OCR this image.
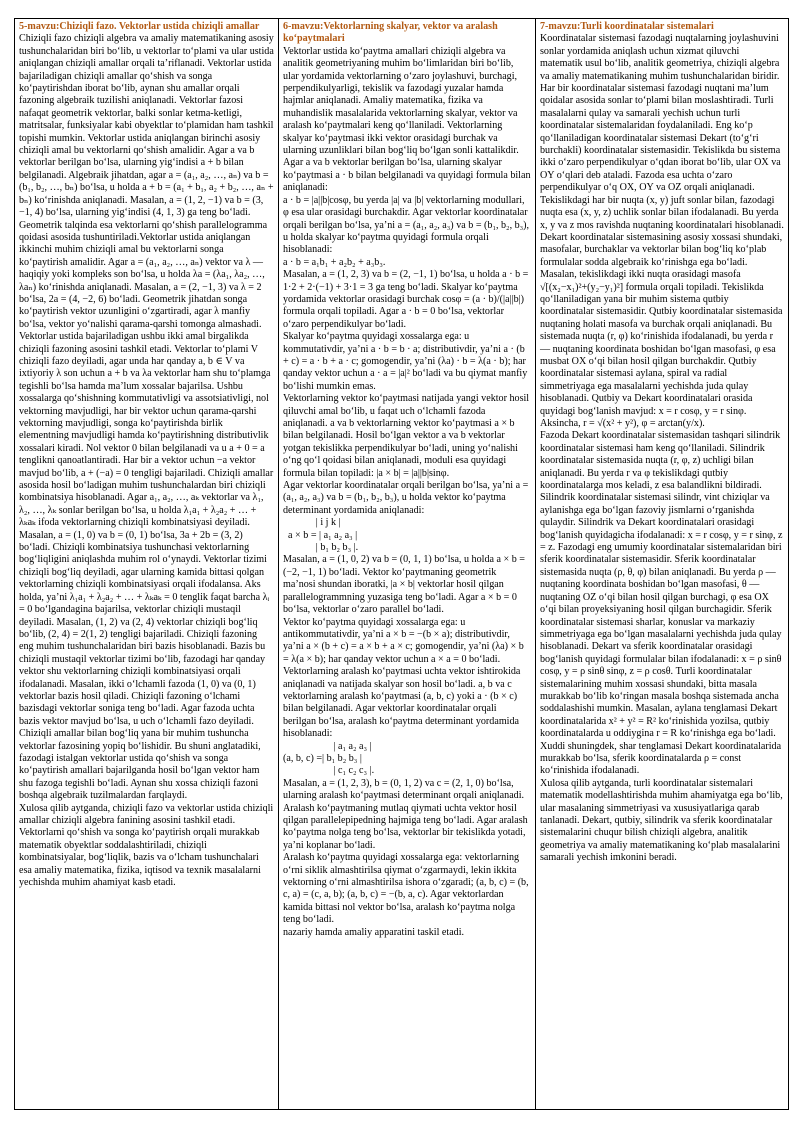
5-mavzu:Chiziqli fazo. Vektorlar ustida chiziqli amallar

Chiziqli fazo chiziqli algebra va amaliy matematikaning asosiy tushunchalaridan biri boʻlib, u vektorlar toʻplami va ular ustida aniqlangan chiziqli amallar orqali taʼriflanadi. Vektorlar ustida bajariladigan chiziqli amallar qoʻshish va songa koʻpaytirishdan iborat boʻlib, aynan shu amallar orqali fazoning algebraik tuzilishi aniqlanadi. Vektorlar fazosi nafaqat geometrik vektorlar, balki sonlar ketma-ketligi, matritsalar, funksiyalar kabi obyektlar toʻplamidan ham tashkil topishi mumkin. Vektorlar ustida aniqlangan birinchi asosiy chiziqli amal bu vektorlarni qoʻshish amalidir. Agar a va b vektorlar berilgan boʻlsa, ularning yigʻindisi a + b bilan belgilanadi. Algebraik jihatdan, agar a = (a₁, a₂, …, aₙ) va b = (b₁, b₂, …, bₙ) boʻlsa, u holda a + b = (a₁ + b₁, a₂ + b₂, …, aₙ + bₙ) koʻrinishda aniqlanadi. Masalan, a = (1, 2, −1) va b = (3, −1, 4) boʻlsa, ularning yigʻindisi (4, 1, 3) ga teng boʻladi. Geometrik talqinda esa vektorlarni qoʻshish parallelogramma qoidasi asosida tushuntiriladi.Vektorlar ustida aniqlangan ikkinchi muhim chiziqli amal bu vektorlarni songa koʻpaytirish amalidir. Agar a = (a₁, a₂, …, aₙ) vektor va λ — haqiqiy yoki kompleks son boʻlsa, u holda λa = (λa₁, λa₂, …, λaₙ) koʻrinishda aniqlanadi. Masalan, a = (2, −1, 3) va λ = 2 boʻlsa, 2a = (4, −2, 6) boʻladi. Geometrik jihatdan songa koʻpaytirish vektor uzunligini oʻzgartiradi, agar λ manfiy boʻlsa, vektor yoʻnalishi qarama-qarshi tomonga almashadi. Vektorlar ustida bajariladigan ushbu ikki amal birgalikda chiziqli fazoning asosini tashkil etadi. Vektorlar toʻplami V chiziqli fazo deyiladi, agar unda har qanday a, b ∈ V va ixtiyoriy λ son uchun a + b va λa vektorlar ham shu toʻplamga tegishli boʻlsa hamda maʼlum xossalar bajarilsa. Ushbu xossalarga qoʻshishning kommutativligi va assotsiativligi, nol vektorning mavjudligi, har bir vektor uchun qarama-qarshi vektorning mavjudligi, songa koʻpaytirishda birlik elementning mavjudligi hamda koʻpaytirishning distributivlik xossalari kiradi. Nol vektor 0 bilan belgilanadi va u a + 0 = a tenglikni qanoatlantiradi. Har bir a vektor uchun −a vektor mavjud boʻlib, a + (−a) = 0 tengligi bajariladi. Chiziqli amallar asosida hosil boʻladigan muhim tushunchalardan biri chiziqli kombinatsiya hisoblanadi. Agar a₁, a₂, …, aₖ vektorlar va λ₁, λ₂, …, λₖ sonlar berilgan boʻlsa, u holda λ₁a₁ + λ₂a₂ + … + λₖaₖ ifoda vektorlarning chiziqli kombinatsiyasi deyiladi. Masalan, a = (1, 0) va b = (0, 1) boʻlsa, 3a + 2b = (3, 2) boʻladi. Chiziqli kombinatsiya tushunchasi vektorlarning bogʻliqligini aniqlashda muhim rol oʻynaydi. Vektorlar tizimi chiziqli bogʻliq deyiladi, agar ularning kamida bittasi qolgan vektorlarning chiziqli kombinatsiyasi orqali ifodalansa. Aks holda, yaʼni λ₁a₁ + λ₂a₂ + … + λₖaₖ = 0 tenglik faqat barcha λᵢ = 0 boʻlgandagina bajarilsa, vektorlar chiziqli mustaqil deyiladi. Masalan, (1, 2) va (2, 4) vektorlar chiziqli bogʻliq boʻlib, (2, 4) = 2(1, 2) tengligi bajariladi. Chiziqli fazoning eng muhim tushunchalaridan biri bazis hisoblanadi. Bazis bu chiziqli mustaqil vektorlar tizimi boʻlib, fazodagi har qanday vektor shu vektorlarning chiziqli kombinatsiyasi orqali ifodalanadi. Masalan, ikki oʻlchamli fazoda (1, 0) va (0, 1) vektorlar bazis hosil qiladi. Chiziqli fazoning oʻlchami bazisdagi vektorlar soniga teng boʻladi. Agar fazoda uchta bazis vektor mavjud boʻlsa, u uch oʻlchamli fazo deyiladi.
Chiziqli amallar bilan bogʻliq yana bir muhim tushuncha vektorlar fazosining yopiq boʻlishidir. Bu shuni anglatadiki, fazodagi istalgan vektorlar ustida qoʻshish va songa koʻpaytirish amallari bajarilganda hosil boʻlgan vektor ham shu fazoga tegishli boʻladi. Aynan shu xossa chiziqli fazoni boshqa algebraik tuzilmalardan farqlaydi.
Xulosa qilib aytganda, chiziqli fazo va vektorlar ustida chiziqli amallar chiziqli algebra fanining asosini tashkil etadi. Vektorlarni qoʻshish va songa koʻpaytirish orqali murakkab matematik obyektlar soddalashtiriladi, chiziqli kombinatsiyalar, bogʻliqlik, bazis va oʻlcham tushunchalari esa amaliy matematika, fizika, iqtisod va texnik masalalarni yechishda muhim ahamiyat kasb etadi.

6-mavzu:Vektorlarning skalyar, vektor va aralash koʻpaytmalari

Vektorlar ustida koʻpaytma amallari chiziqli algebra va analitik geometriyaning muhim boʻlimlaridan biri boʻlib, ular yordamida vektorlarning oʻzaro joylashuvi, burchagi, perpendikulyarligi, tekislik va fazodagi yuzalar hamda hajmlar aniqlanadi. Amaliy matematika, fizika va muhandislik masalalarida vektorlarning skalyar, vektor va aralash koʻpaytmalari keng qoʻllaniladi. Vektorlarning skalyar koʻpaytmasi ikki vektor orasidagi burchak va ularning uzunliklari bilan bogʻliq boʻlgan sonli kattalikdir. Agar a va b vektorlar berilgan boʻlsa, ularning skalyar koʻpaytmasi a · b bilan belgilanadi va quyidagi formula bilan aniqlanadi:
a · b = |a||b|cosφ, bu yerda |a| va |b| vektorlarning modullari, φ esa ular orasidagi burchakdir. Agar vektorlar koordinatalar orqali berilgan boʻlsa, yaʼni a = (a₁, a₂, a₃) va b = (b₁, b₂, b₃), u holda skalyar koʻpaytma quyidagi formula orqali hisoblanadi:
a · b = a₁b₁ + a₂b₂ + a₃b₃.
Masalan, a = (1, 2, 3) va b = (2, −1, 1) boʻlsa, u holda a · b = 1·2 + 2·(−1) + 3·1 = 3 ga teng boʻladi. Skalyar koʻpaytma yordamida vektorlar orasidagi burchak cosφ = (a · b)/(|a||b|) formula orqali topiladi. Agar a · b = 0 boʻlsa, vektorlar oʻzaro perpendikulyar boʻladi.
Skalyar koʻpaytma quyidagi xossalarga ega: u kommutativdir, yaʼni a · b = b · a; distributivdir, yaʼni a · (b + c) = a · b + a · c; gomogendir, yaʼni (λa) · b = λ(a · b); har qanday vektor uchun a · a = |a|² boʻladi va bu qiymat manfiy boʻlishi mumkin emas.
Vektorlarning vektor koʻpaytmasi natijada yangi vektor hosil qiluvchi amal boʻlib, u faqat uch oʻlchamli fazoda aniqlanadi. a va b vektorlarning vektor koʻpaytmasi a × b bilan belgilanadi. Hosil boʻlgan vektor a va b vektorlar yotgan tekislikka perpendikulyar boʻladi, uning yoʻnalishi oʻng qoʻl qoidasi bilan aniqlanadi, moduli esa quyidagi formula bilan topiladi: |a × b| = |a||b|sinφ.
Agar vektorlar koordinatalar orqali berilgan boʻlsa, yaʼni a = (a₁, a₂, a₃) va b = (b₁, b₂, b₃), u holda vektor koʻpaytma determinant yordamida aniqlanadi:

| i j k |

a × b = | a₁ a₂ a₃ |

| b₁ b₂ b₃ |.

Masalan, a = (1, 0, 2) va b = (0, 1, 1) boʻlsa, u holda a × b = (−2, −1, 1) boʻladi. Vektor koʻpaytmaning geometrik maʼnosi shundan iboratki, |a × b| vektorlar hosil qilgan parallelogrammning yuzasiga teng boʻladi. Agar a × b = 0 boʻlsa, vektorlar oʻzaro parallel boʻladi.
Vektor koʻpaytma quyidagi xossalarga ega: u antikommutativdir, yaʼni a × b = −(b × a); distributivdir, yaʼni a × (b + c) = a × b + a × c; gomogendir, yaʼni (λa) × b = λ(a × b); har qanday vektor uchun a × a = 0 boʻladi. Vektorlarning aralash koʻpaytmasi uchta vektor ishtirokida aniqlanadi va natijada skalyar son hosil boʻladi. a, b va c vektorlarning aralash koʻpaytmasi (a, b, c) yoki a · (b × c) bilan belgilanadi. Agar vektorlar koordinatalar orqali berilgan boʻlsa, aralash koʻpaytma determinant yordamida hisoblanadi:

| a₁ a₂ a₃ |

(a, b, c) =| b₁ b₂ b₃ |

| c₁ c₂ c₃ |.

Masalan, a = (1, 2, 3), b = (0, 1, 2) va c = (2, 1, 0) boʻlsa, ularning aralash koʻpaytmasi determinant orqali aniqlanadi. Aralash koʻpaytmaning mutlaq qiymati uchta vektor hosil qilgan parallelepipedning hajmiga teng boʻladi. Agar aralash koʻpaytma nolga teng boʻlsa, vektorlar bir tekislikda yotadi, yaʼni koplanar boʻladi.
Aralash koʻpaytma quyidagi xossalarga ega: vektorlarning oʻrni siklik almashtirilsa qiymat oʻzgarmaydi, lekin ikkita vektorning oʻrni almashtirilsa ishora oʻzgaradi; (a, b, c) = (b, c, a) = (c, a, b); (a, b, c) = −(b, a, c). Agar vektorlardan kamida bittasi nol vektor boʻlsa, aralash koʻpaytma nolga teng boʻladi.
nazariy hamda amaliy apparatini taskil etadi.

7-mavzu:Turli koordinatalar sistemalari

Koordinatalar sistemasi fazodagi nuqtalarning joylashuvini sonlar yordamida aniqlash uchun xizmat qiluvchi matematik usul boʻlib, analitik geometriya, chiziqli algebra va amaliy matematikaning muhim tushunchalaridan biridir. Har bir koordinatalar sistemasi fazodagi nuqtani maʼlum qoidalar asosida sonlar toʻplami bilan moslashtiradi. Turli masalalarni qulay va samarali yechish uchun turli koordinatalar sistemalaridan foydalaniladi. Eng koʻp qoʻllaniladigan koordinatalar sistemasi Dekart (toʻgʻri burchakli) koordinatalar sistemasidir. Tekislikda bu sistema ikki oʻzaro perpendikulyar oʻqdan iborat boʻlib, ular OX va OY oʻqlari deb ataladi. Fazoda esa uchta oʻzaro perpendikulyar oʻq OX, OY va OZ orqali aniqlanadi. Tekislikdagi har bir nuqta (x, y) juft sonlar bilan, fazodagi nuqta esa (x, y, z) uchlik sonlar bilan ifodalanadi. Bu yerda x, y va z mos ravishda nuqtaning koordinatalari hisoblanadi. Dekart koordinatalar sistemasining asosiy xossasi shundaki, masofalar, burchaklar va vektorlar bilan bogʻliq koʻplab formulalar sodda algebraik koʻrinishga ega boʻladi. Masalan, tekislikdagi ikki nuqta orasidagi masofa √[(x₂−x₁)²+(y₂−y₁)²] formula orqali topiladi. Tekislikda qoʻllaniladigan yana bir muhim sistema qutbiy koordinatalar sistemasidir. Qutbiy koordinatalar sistemasida nuqtaning holati masofa va burchak orqali aniqlanadi. Bu sistemada nuqta (r, φ) koʻrinishida ifodalanadi, bu yerda r — nuqtaning koordinata boshidan boʻlgan masofasi, φ esa musbat OX oʻqi bilan hosil qilgan burchakdir. Qutbiy koordinatalar sistemasi aylana, spiral va radial simmetriyaga ega masalalarni yechishda juda qulay hisoblanadi. Qutbiy va Dekart koordinatalari orasida quyidagi bogʻlanish mavjud: x = r cosφ, y = r sinφ. Aksincha, r = √(x² + y²), φ = arctan(y/x).
Fazoda Dekart koordinatalar sistemasidan tashqari silindrik koordinatalar sistemasi ham keng qoʻllaniladi. Silindrik koordinatalar sistemasida nuqta (r, φ, z) uchligi bilan aniqlanadi. Bu yerda r va φ tekislikdagi qutbiy koordinatalarga mos keladi, z esa balandlikni bildiradi. Silindrik koordinatalar sistemasi silindr, vint chiziqlar va aylanishga ega boʻlgan fazoviy jismlarni oʻrganishda qulaydir. Silindrik va Dekart koordinatalari orasidagi bogʻlanish quyidagicha ifodalanadi: x = r cosφ, y = r sinφ, z = z. Fazodagi eng umumiy koordinatalar sistemalaridan biri sferik koordinatalar sistemasidir. Sferik koordinatalar sistemasida nuqta (ρ, θ, φ) bilan aniqlanadi. Bu yerda ρ — nuqtaning koordinata boshidan boʻlgan masofasi, θ — nuqtaning OZ oʻqi bilan hosil qilgan burchagi, φ esa OX oʻqi bilan proyeksiyaning hosil qilgan burchagidir. Sferik koordinatalar sistemasi sharlar, konuslar va markaziy simmetriyaga ega boʻlgan masalalarni yechishda juda qulay hisoblanadi. Dekart va sferik koordinatalar orasidagi bogʻlanish quyidagi formulalar bilan ifodalanadi: x = ρ sinθ cosφ, y = ρ sinθ sinφ, z = ρ cosθ. Turli koordinatalar sistemalarining muhim xossasi shundaki, bitta masala murakkab boʻlib koʻringan masala boshqa sistemada ancha soddalashishi mumkin. Masalan, aylana tenglamasi Dekart koordinatalarida x² + y² = R² koʻrinishida yozilsa, qutbiy koordinatalarda u oddiygina r = R koʻrinishga ega boʻladi. Xuddi shuningdek, shar tenglamasi Dekart koordinatalarida murakkab boʻlsa, sferik koordinatalarda ρ = const koʻrinishida ifodalanadi.
Xulosa qilib aytganda, turli koordinatalar sistemalari matematik modellashtirishda muhim ahamiyatga ega boʻlib, ular masalaning simmetriyasi va xususiyatlariga qarab tanlanadi. Dekart, qutbiy, silindrik va sferik koordinatalar sistemalarini chuqur bilish chiziqli algebra, analitik geometriya va amaliy matematikaning koʻplab masalalarini samarali yechish imkonini beradi.
